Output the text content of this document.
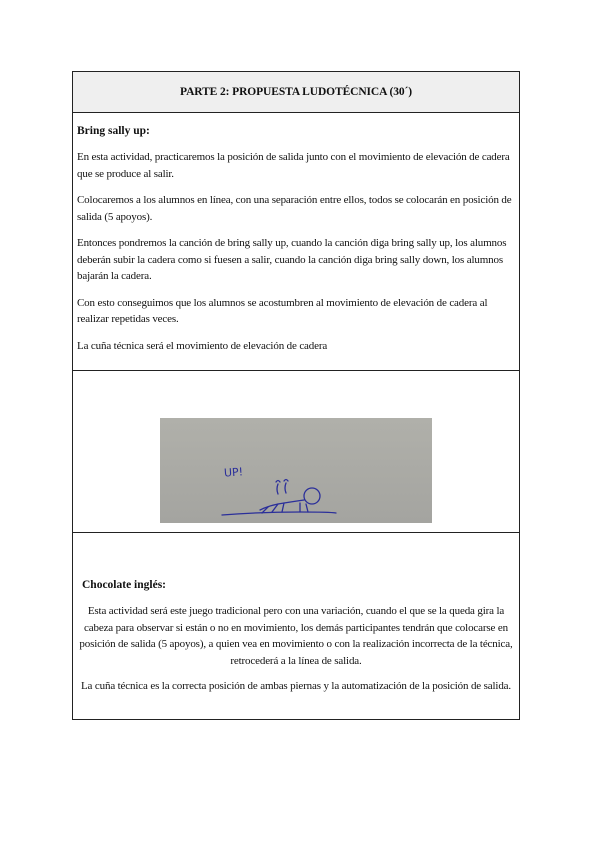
PARTE 2: PROPUESTA LUDOTÉCNICA (30´)
Bring sally up:

En esta actividad, practicaremos la posición de salida junto con el movimiento de elevación de cadera que se produce al salir.

Colocaremos a los alumnos en línea, con una separación entre ellos, todos se colocarán en posición de salida (5 apoyos).

Entonces pondremos la canción de bring sally up, cuando la canción diga bring sally up, los alumnos deberán subir la cadera como si fuesen a salir, cuando la canción diga bring sally down, los alumnos bajarán la cadera.

Con esto conseguimos que los alumnos se acostumbren al movimiento de elevación de cadera al realizar repetidas veces.

La cuña técnica será el movimiento de elevación de cadera

UP!
Chocolate inglés:

Esta actividad será este juego tradicional pero con una variación, cuando el que se la queda gira la cabeza para observar si están o no en movimiento, los demás participantes tendrán que colocarse en posición de salida (5 apoyos), a quien vea en movimiento o con la realización incorrecta de la técnica, retrocederá a la línea de salida.

La cuña técnica es la correcta posición de ambas piernas y la automatización de la posición de salida.
